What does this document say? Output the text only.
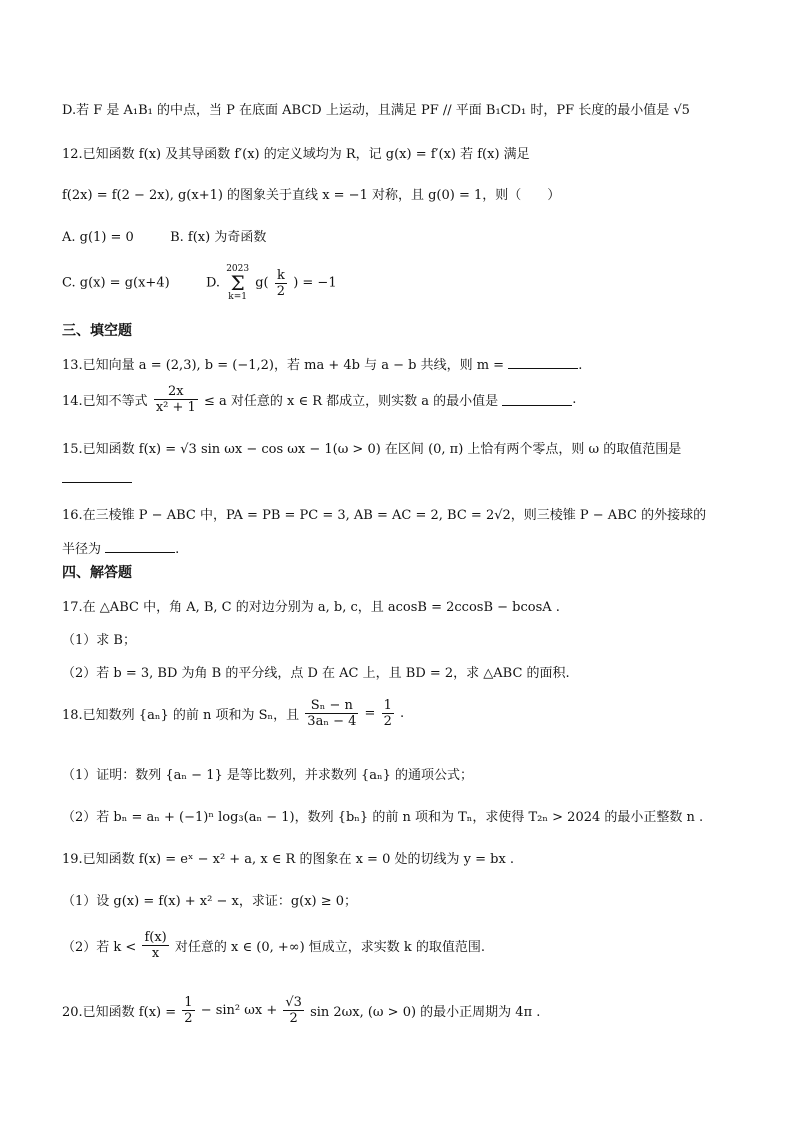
D.若 F 是 A₁B₁ 的中点，当 P 在底面 ABCD 上运动，且满足 PF // 平面 B₁CD₁ 时，PF 长度的最小值是 √5
12.已知函数 f(x) 及其导函数 f′(x) 的定义域均为 R，记 g(x) = f′(x) 若 f(x) 满足
f(2x) = f(2 − 2x), g(x+1) 的图象关于直线 x = −1 对称，且 g(0) = 1，则（　　）
A. g(1) = 0	B. f(x) 为奇函数
C. g(x) = g(x+4)	D.
2023
Σ
k=1
$g( \frac{k}{2}$ ) = −1
三、填空题
13.已知向量 a = (2,3), b = (−1,2)，若 ma + 4b 与 a − b 共线，则 m =	.
14.已知不等式 $\frac{2x}{\text{x² + 1}} \le a$ 对任意的 x ∈ R 都成立，则实数 a 的最小值是	.
15.已知函数 f(x) = √3 sin ωx − cos ωx − 1(ω > 0) 在区间 (0, π) 上恰有两个零点，则 ω 的取值范围是
16.在三棱锥 P − ABC 中，PA = PB = PC = 3, AB = AC = 2, BC = 2√2，则三棱锥 P − ABC 的外接球的
半径为	.
四、解答题
17.在 △ABC 中，角 A, B, C 的对边分别为 a, b, c，且 acosB = 2ccosB − bcosA .
（1）求 B；
（2）若 b = 3, BD 为角 B 的平分线，点 D 在 AC 上，且 BD = 2，求 △ABC 的面积.
18.已知数列 {aₙ} 的前 n 项和为 Sₙ，且 $\frac{\text{Sₙ − n}}{\text{3aₙ − 4}} = \frac{1}{2}$ .
（1）证明：数列 {aₙ − 1} 是等比数列，并求数列 {aₙ} 的通项公式；
（2）若 bₙ = aₙ + (−1)ⁿ log₃(aₙ − 1)，数列 {bₙ} 的前 n 项和为 Tₙ，求使得 T₂ₙ > 2024 的最小正整数 n .
19.已知函数 f(x) = eˣ − x² + a, x ∈ R 的图象在 x = 0 处的切线为 y = bx .
（1）设 g(x) = f(x) + x² − x，求证：g(x) ≥ 0；
（2）若 $k < \frac{f(x)}{x}$ 对任意的 x ∈ (0, +∞) 恒成立，求实数 k 的取值范围.
20.已知函数 $f(x) = \frac{1}{2} - \sin^2$ $\omega x + \frac{√3}{2}$ sin 2ωx, (ω > 0) 的最小正周期为 4π .
